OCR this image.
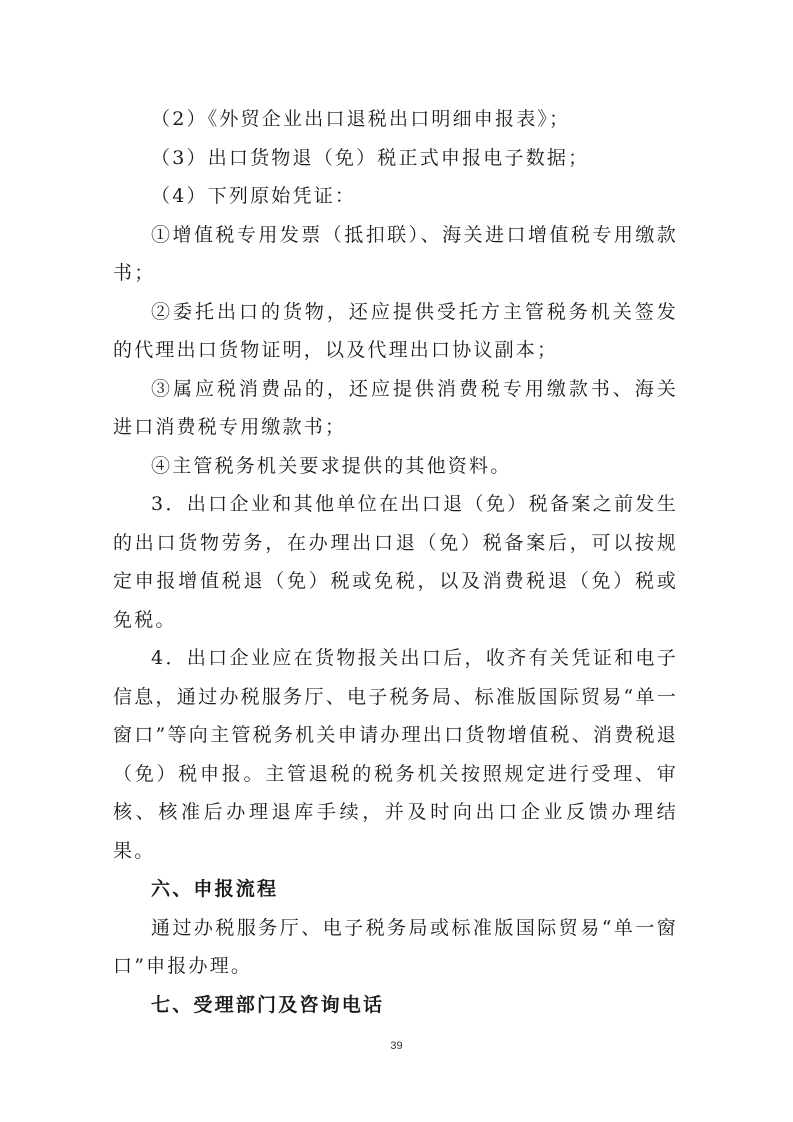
（2）《外贸企业出口退税出口明细申报表》；

（3）出口货物退（免）税正式申报电子数据；

（4）下列原始凭证：

①增值税专用发票（抵扣联）、海关进口增值税专用缴款书；

②委托出口的货物，还应提供受托方主管税务机关签发的代理出口货物证明，以及代理出口协议副本；

③属应税消费品的，还应提供消费税专用缴款书、海关进口消费税专用缴款书；

④主管税务机关要求提供的其他资料。

3．出口企业和其他单位在出口退（免）税备案之前发生的出口货物劳务，在办理出口退（免）税备案后，可以按规定申报增值税退（免）税或免税，以及消费税退（免）税或免税。

4．出口企业应在货物报关出口后，收齐有关凭证和电子信息，通过办税服务厅、电子税务局、标准版国际贸易“单一窗口”等向主管税务机关申请办理出口货物增值税、消费税退（免）税申报。主管退税的税务机关按照规定进行受理、审核、核准后办理退库手续，并及时向出口企业反馈办理结果。

六、申报流程

通过办税服务厅、电子税务局或标准版国际贸易“单一窗口”申报办理。

七、受理部门及咨询电话

39
